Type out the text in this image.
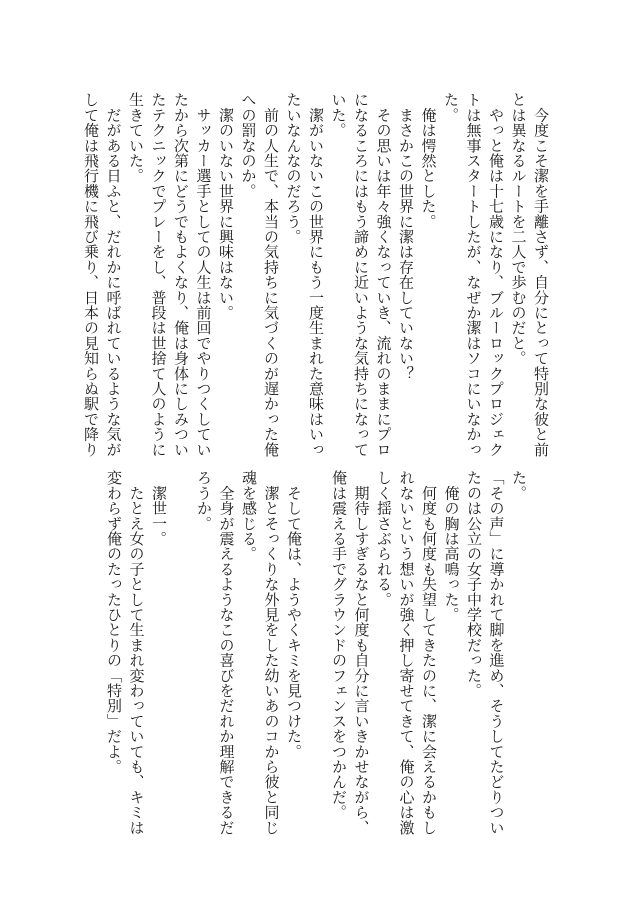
　今度こそ潔を手離さず、自分にとって特別な彼と前
とは異なるルートを二人で歩むのだと。
　やっと俺は十七歳になり、ブルーロックプロジェク
トは無事スタートしたが、なぜか潔はソコにいなかっ
た。
　俺は愕然とした。
　まさかこの世界に潔は存在していない？
　その思いは年々強くなっていき、流れのままにプロ
になるころにはもう諦めに近いような気持ちになって
いた。
　潔がいないこの世界にもう一度生まれた意味はいっ
たいなんなのだろう。
　前の人生で、本当の気持ちに気づくのが遅かった俺
への罰なのか。
　潔のいない世界に興味はない。
　サッカー選手としての人生は前回でやりつくしてい
たから次第にどうでもよくなり、俺は身体にしみつい
たテクニックでプレーをし、普段は世捨て人のように
生きていた。
　だがある日ふと、だれかに呼ばれているような気が
して俺は飛行機に飛び乗り、日本の見知らぬ駅で降り
た。
「その声」に導かれて脚を進め、そうしてたどりつい
たのは公立の女子中学校だった。
　俺の胸は高鳴った。
　何度も何度も失望してきたのに、潔に会えるかもし
れないという想いが強く押し寄せてきて、俺の心は激
しく揺さぶられる。
　期待しすぎるなと何度も自分に言いきかせながら、
俺は震える手でグラウンドのフェンスをつかんだ。

　そして俺は、ようやくキミを見つけた。
　潔とそっくりな外見をした幼いあのコから彼と同じ
魂を感じる。
　全身が震えるようなこの喜びをだれか理解できるだ
ろうか。

　潔世一。
　たとえ女の子として生まれ変わっていても、キミは
変わらず俺のたったひとりの「特別」だよ。
